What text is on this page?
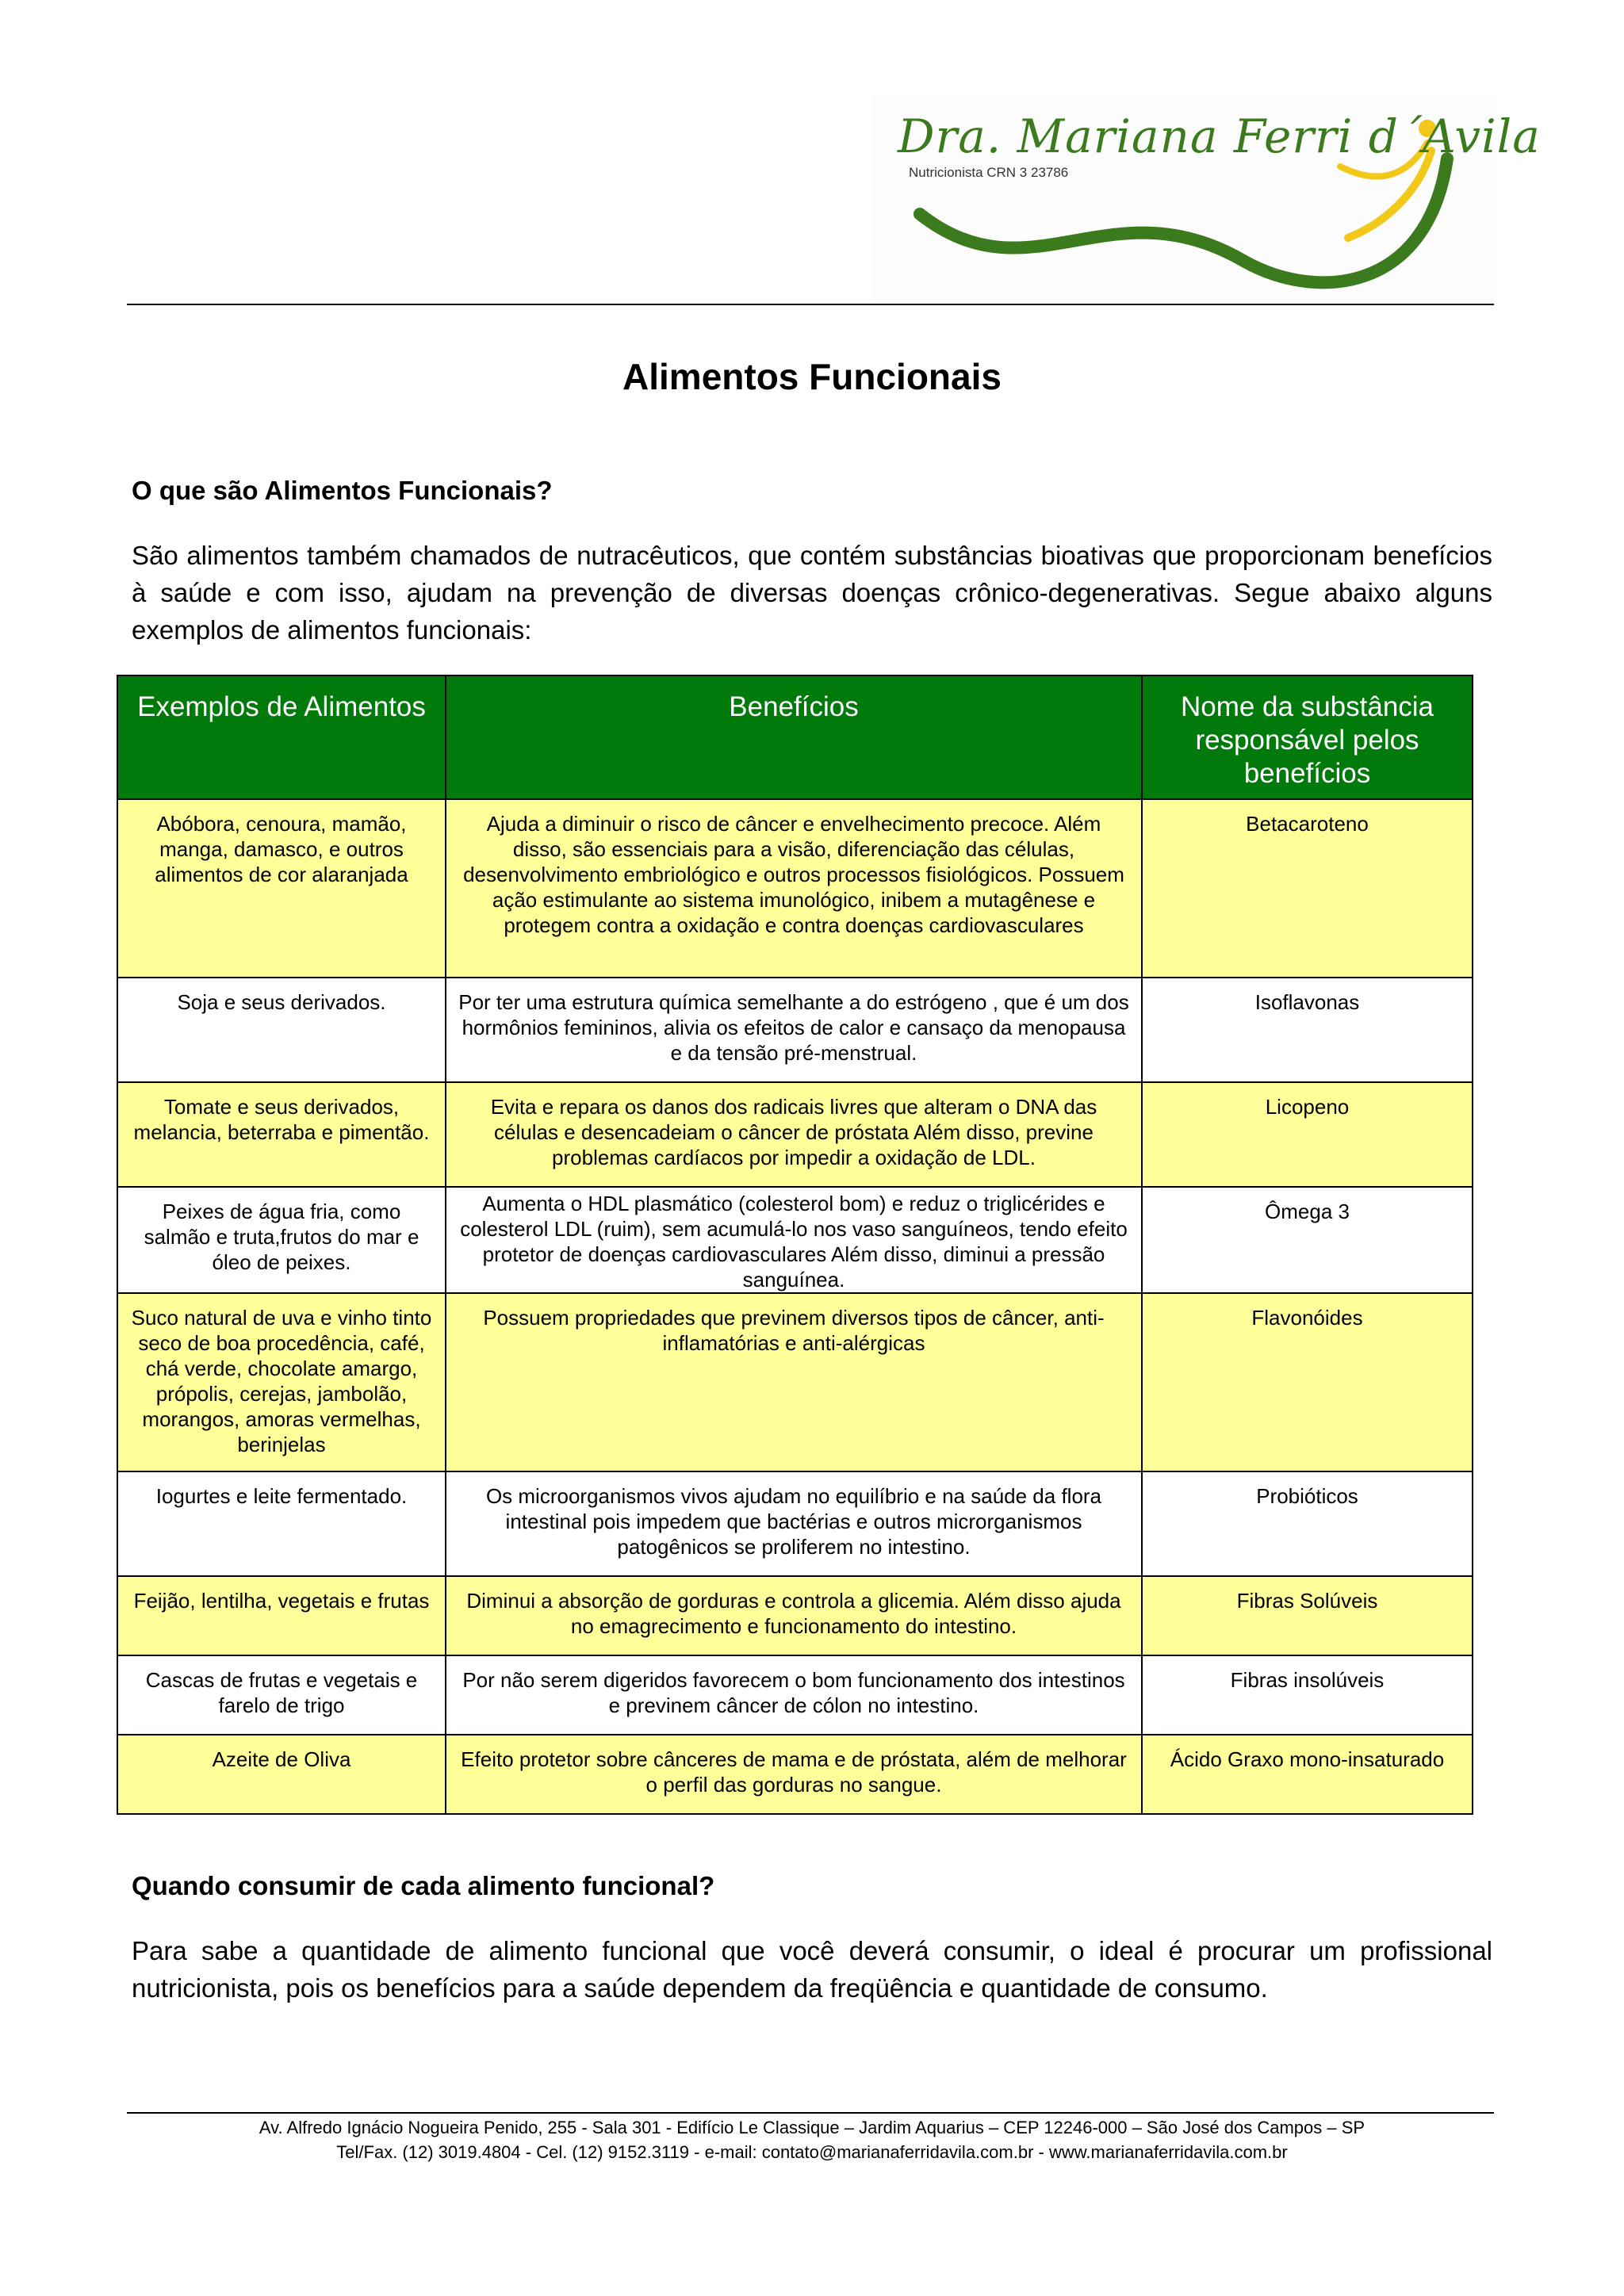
Dra. Mariana Ferri d´Avila
Nutricionista CRN 3 23786
Alimentos Funcionais
O que são Alimentos Funcionais?
São alimentos também chamados de nutracêuticos, que contém substâncias bioativas que proporcionam benefícios à saúde e com isso, ajudam na prevenção de diversas doenças crônico-degenerativas. Segue abaixo alguns exemplos de alimentos funcionais:
Exemplos de Alimentos	Benefícios	Nome da substância responsável pelos benefícios
Abóbora, cenoura, mamão, manga, damasco, e outros alimentos de cor alaranjada	Ajuda a diminuir o risco de câncer e envelhecimento precoce. Além disso, são essenciais para a visão, diferenciação das células, desenvolvimento embriológico e outros processos fisiológicos. Possuem ação estimulante ao sistema imunológico, inibem a mutagênese e protegem contra a oxidação e contra doenças cardiovasculares	Betacaroteno
Soja e seus derivados.	Por ter uma estrutura química semelhante a do estrógeno , que é um dos hormônios femininos, alivia os efeitos de calor e cansaço da menopausa e da tensão pré-menstrual.	Isoflavonas
Tomate e seus derivados, melancia, beterraba e pimentão.	Evita e repara os danos dos radicais livres que alteram o DNA das células e desencadeiam o câncer de próstata Além disso, previne problemas cardíacos por impedir a oxidação de LDL.	Licopeno
Peixes de água fria, como salmão e truta,frutos do mar e óleo de peixes.	Aumenta o HDL plasmático (colesterol bom) e reduz o triglicérides e colesterol LDL (ruim), sem acumulá-lo nos vaso sanguíneos, tendo efeito protetor de doenças cardiovasculares Além disso, diminui a pressão sanguínea.	Ômega 3
Suco natural de uva e vinho tinto seco de boa procedência, café, chá verde, chocolate amargo, própolis, cerejas, jambolão, morangos, amoras vermelhas, berinjelas	Possuem propriedades que previnem diversos tipos de câncer, anti-inflamatórias e anti-alérgicas	Flavonóides
Iogurtes e leite fermentado.	Os microorganismos vivos ajudam no equilíbrio e na saúde da flora intestinal pois impedem que bactérias e outros microrganismos patogênicos se proliferem no intestino.	Probióticos
Feijão, lentilha, vegetais e frutas	Diminui a absorção de gorduras e controla a glicemia. Além disso ajuda no emagrecimento e funcionamento do intestino.	Fibras Solúveis
Cascas de frutas e vegetais e farelo de trigo	Por não serem digeridos favorecem o bom funcionamento dos intestinos e previnem câncer de cólon no intestino.	Fibras insolúveis
Azeite de Oliva	Efeito protetor sobre cânceres de mama e de próstata, além de melhorar o perfil das gorduras no sangue.	Ácido Graxo mono-insaturado
Quando consumir de cada alimento funcional?
Para sabe a quantidade de alimento funcional que você deverá consumir, o ideal é procurar um profissional nutricionista, pois os benefícios para a saúde dependem da freqüência e quantidade de consumo.
Av. Alfredo Ignácio Nogueira Penido, 255 - Sala 301 - Edifício Le Classique – Jardim Aquarius – CEP 12246-000 – São José dos Campos – SP
Tel/Fax. (12) 3019.4804 - Cel. (12) 9152.3119 - e-mail: contato@marianaferridavila.com.br - www.marianaferridavila.com.br
